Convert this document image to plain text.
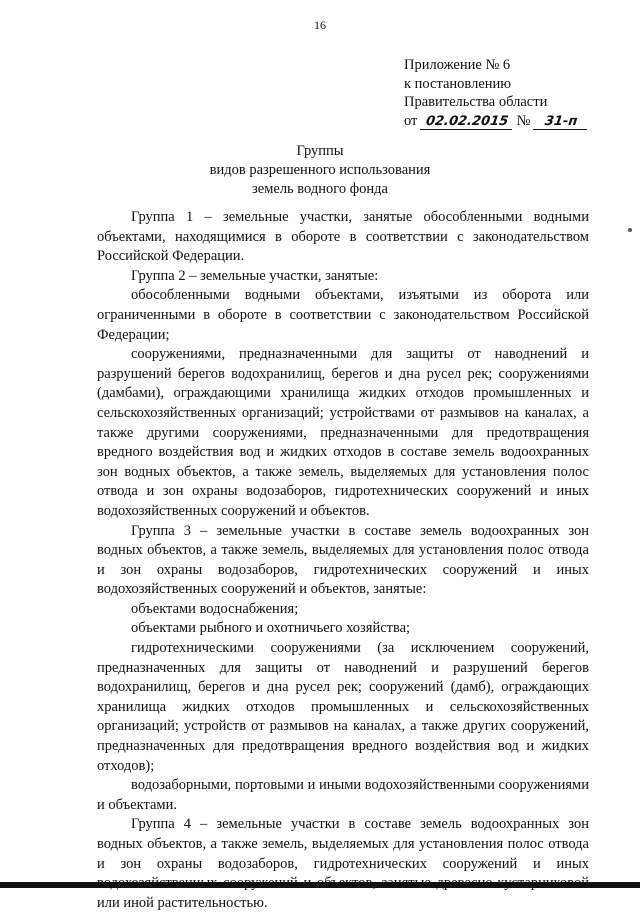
16
Приложение № 6
к постановлению
Правительства области
от 02.02.2015 № 31-п
Группы
видов разрешенного использования
земель водного фонда

Группа 1 – земельные участки, занятые обособленными водными объектами, находящимися в обороте в соответствии с законодательством Российской Федерации.

Группа 2 – земельные участки, занятые:

обособленными водными объектами, изъятыми из оборота или ограниченными в обороте в соответствии с законодательством Российской Федерации;

сооружениями, предназначенными для защиты от наводнений и разрушений берегов водохранилищ, берегов и дна русел рек; сооружениями (дамбами), ограждающими хранилища жидких отходов промышленных и сельскохозяйственных организаций; устройствами от размывов на каналах, а также другими сооружениями, предназначенными для предотвращения вредного воздействия вод и жидких отходов в составе земель водоохранных зон водных объектов, а также земель, выделяемых для установления полос отвода и зон охраны водозаборов, гидротехнических сооружений и иных водохозяйственных сооружений и объектов.

Группа 3 – земельные участки в составе земель водоохранных зон водных объектов, а также земель, выделяемых для установления полос отвода и зон охраны водозаборов, гидротехнических сооружений и иных водохозяйственных сооружений и объектов, занятые:

объектами водоснабжения;

объектами рыбного и охотничьего хозяйства;

гидротехническими сооружениями (за исключением сооружений, предназначенных для защиты от наводнений и разрушений берегов водохранилищ, берегов и дна русел рек; сооружений (дамб), ограждающих хранилища жидких отходов промышленных и сельскохозяйственных организаций; устройств от размывов на каналах, а также других сооружений, предназначенных для предотвращения вредного воздействия вод и жидких отходов);

водозаборными, портовыми и иными водохозяйственными сооружениями и объектами.

Группа 4 – земельные участки в составе земель водоохранных зон водных объектов, а также земель, выделяемых для установления полос отвода и зон охраны водозаборов, гидротехнических сооружений и иных или иной растительностью.
